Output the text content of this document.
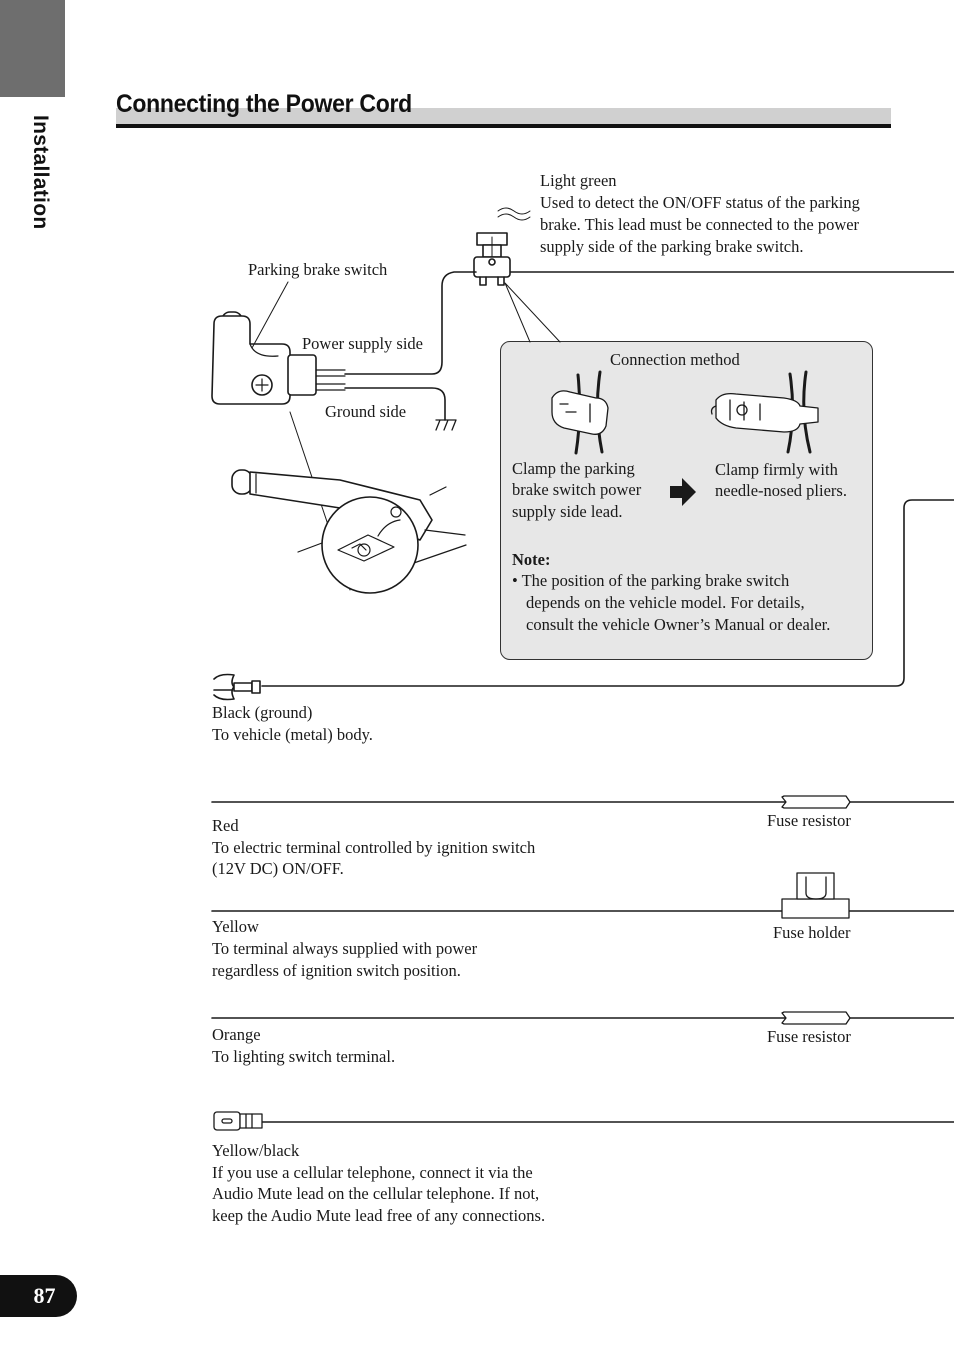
Installation
Connecting the Power Cord
Light green
Used to detect the ON/OFF status of the parking
brake. This lead must be connected to the power
supply side of the parking brake switch.
Parking brake switch
Power supply side
Ground side
Connection method
Clamp the parking
brake switch power
supply side lead.
Clamp firmly with
needle-nosed pliers.
Note:
• The position of the parking brake switch
depends on the vehicle model. For details,
consult the vehicle Owner’s Manual or dealer.
Black (ground)
To vehicle (metal) body.
Red
To electric terminal controlled by ignition switch
(12V DC) ON/OFF.
Fuse resistor
Yellow
To terminal always supplied with power
regardless of ignition switch position.
Fuse holder
Orange
To lighting switch terminal.
Fuse resistor
Yellow/black
If you use a cellular telephone, connect it via the
Audio Mute lead on the cellular telephone. If not,
keep the Audio Mute lead free of any connections.
87
